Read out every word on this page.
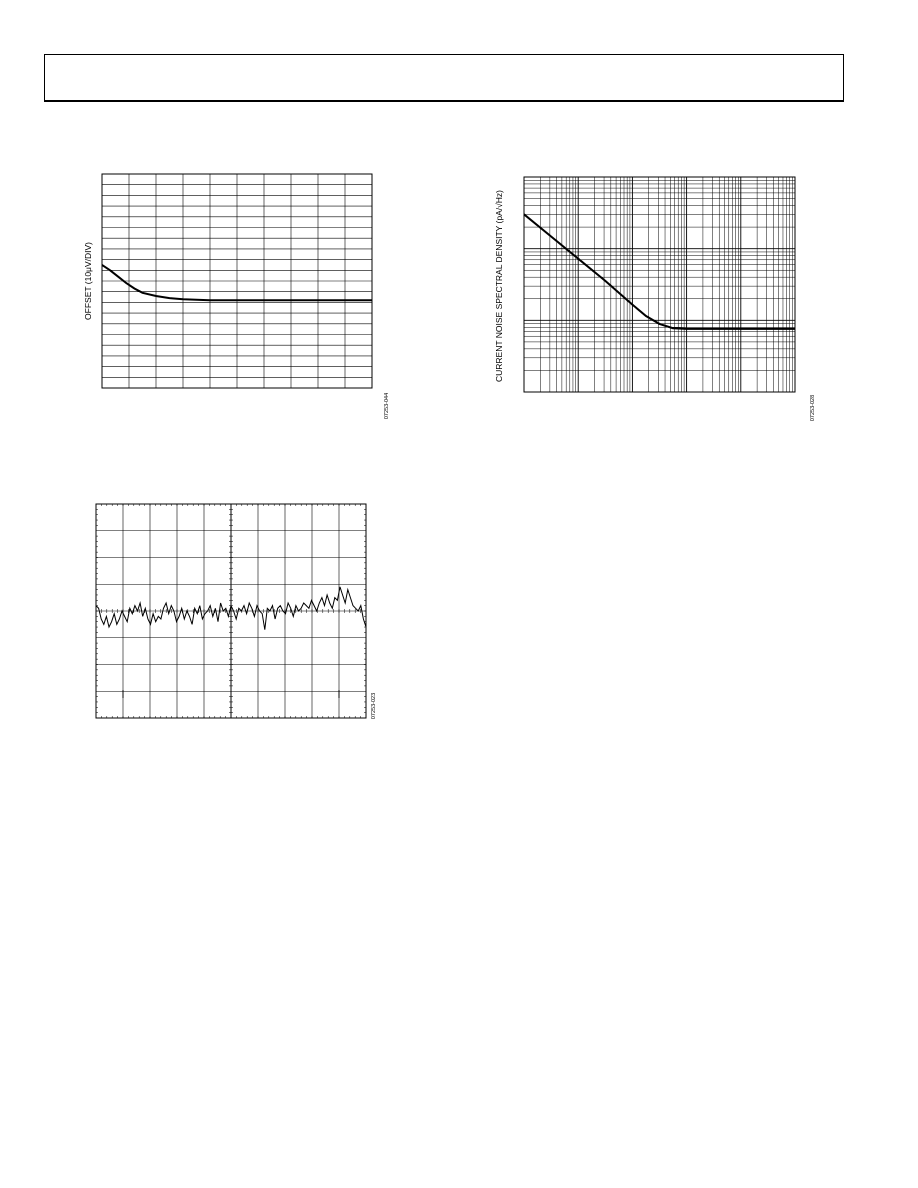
OFFSET (10μV/DIV)
07253-044
CURRENT NOISE SPECTRAL DENSITY (pA/√Hz)
07253-028
07253-023
